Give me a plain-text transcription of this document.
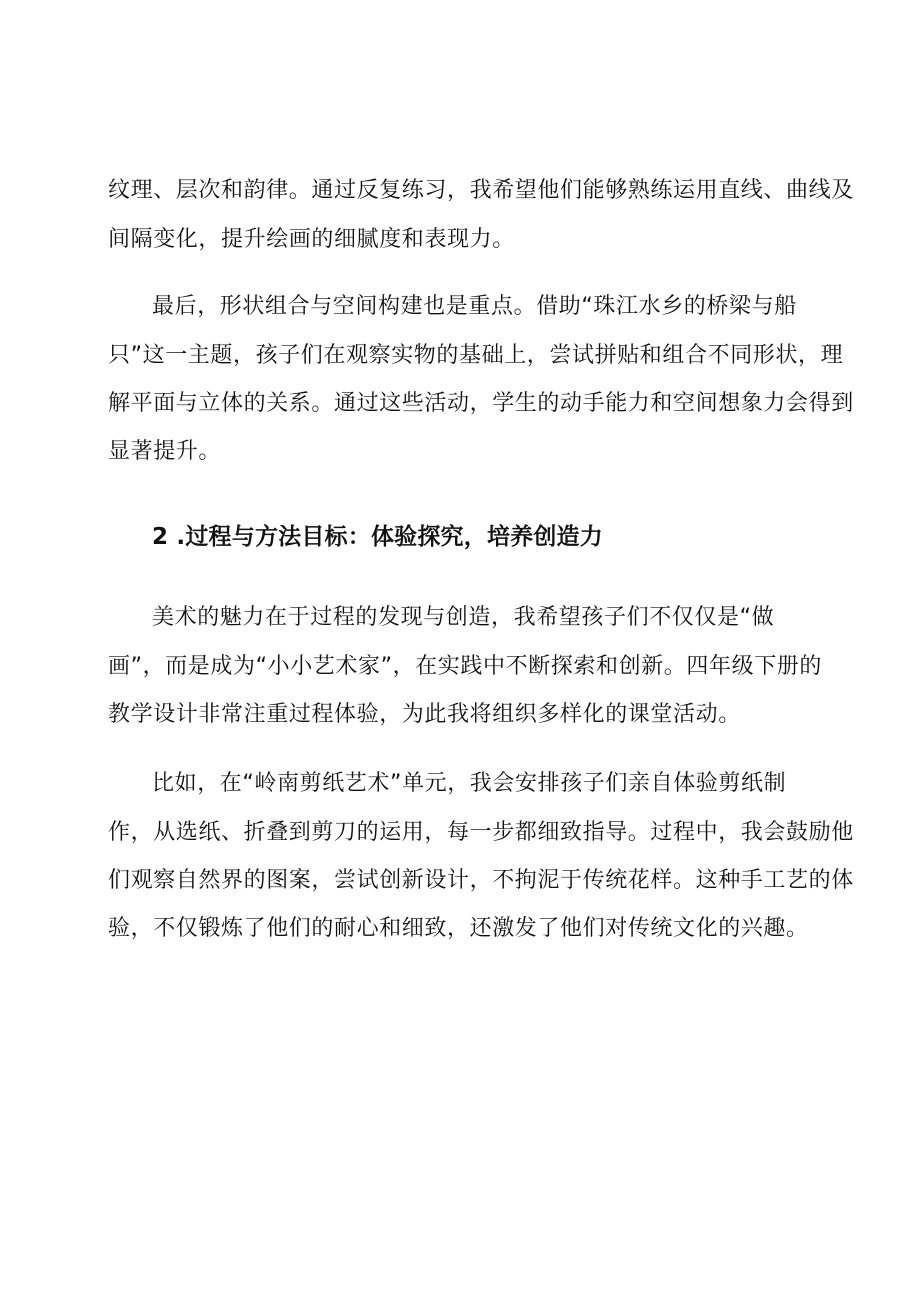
纹理、层次和韵律。通过反复练习，我希望他们能够熟练运用直线、曲线及
间隔变化，提升绘画的细腻度和表现力。
最后，形状组合与空间构建也是重点。借助“珠江水乡的桥梁与船
只”这一主题，孩子们在观察实物的基础上，尝试拼贴和组合不同形状，理
解平面与立体的关系。通过这些活动，学生的动手能力和空间想象力会得到
显著提升。
2 .过程与方法目标：体验探究，培养创造力
美术的魅力在于过程的发现与创造，我希望孩子们不仅仅是“做
画”，而是成为“小小艺术家”，在实践中不断探索和创新。四年级下册的
教学设计非常注重过程体验，为此我将组织多样化的课堂活动。
比如，在“岭南剪纸艺术”单元，我会安排孩子们亲自体验剪纸制
作，从选纸、折叠到剪刀的运用，每一步都细致指导。过程中，我会鼓励他
们观察自然界的图案，尝试创新设计，不拘泥于传统花样。这种手工艺的体
验，不仅锻炼了他们的耐心和细致，还激发了他们对传统文化的兴趣。
